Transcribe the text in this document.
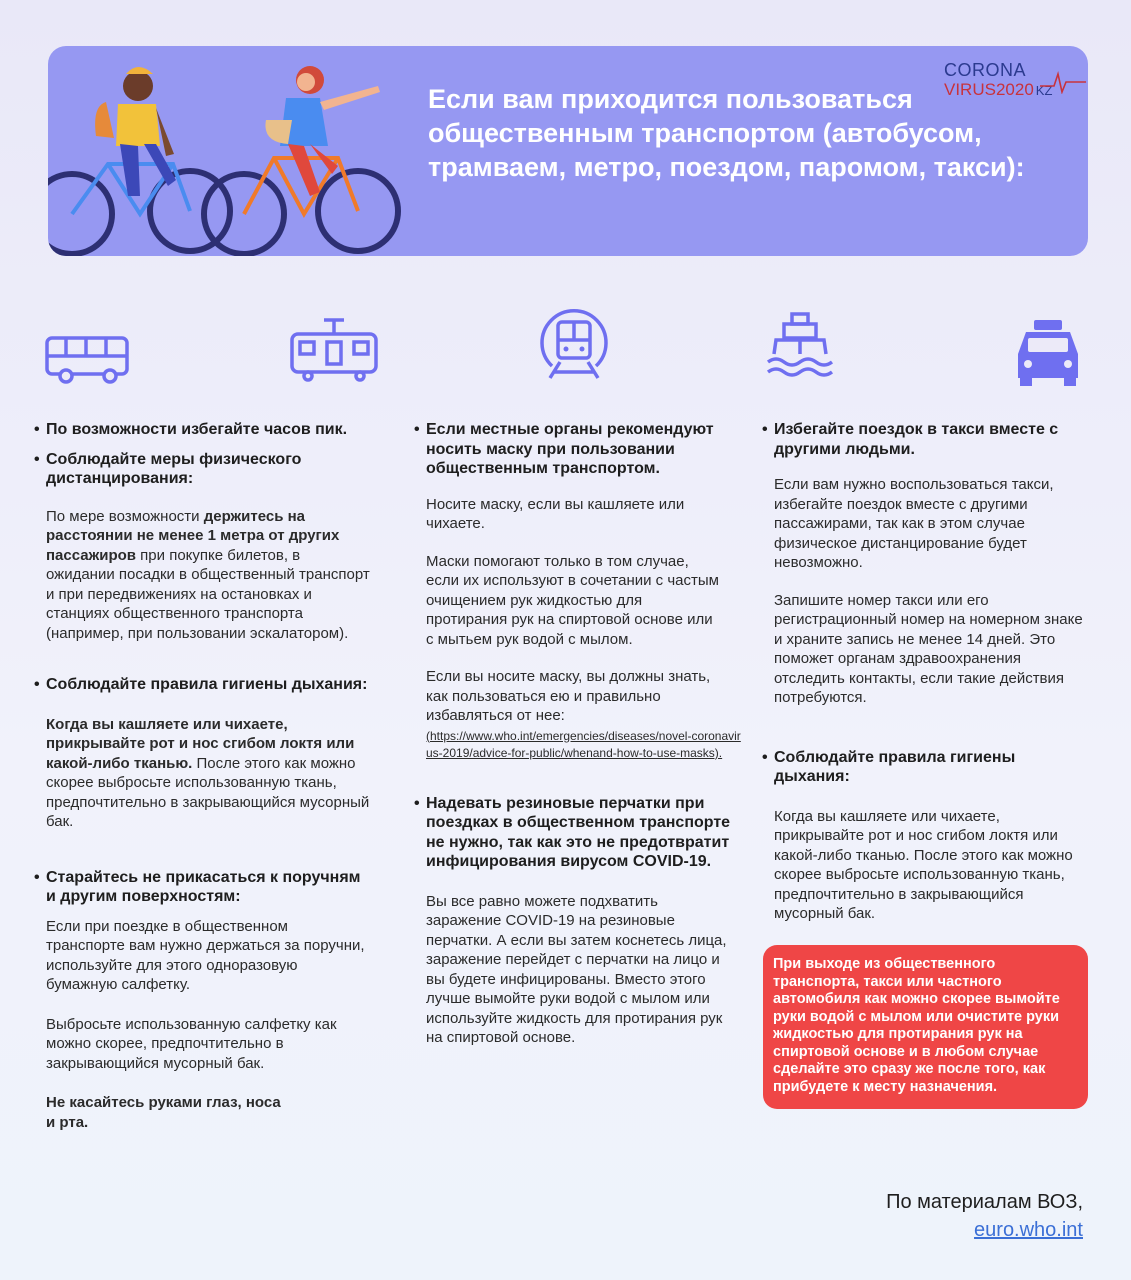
Если вам приходится пользоваться общественным транспортом (автобусом, трамваем, метро, поездом, паромом, такси):
CORONA
VIRUS2020 KZ
• По возможности избегайте часов пик.
• Соблюдайте меры физического дистанцирования:
По мере возможности держитесь на расстоянии не менее 1 метра от других пассажиров при покупке билетов, в ожидании посадки в общественный транспорт и при передвижениях на остановках и станциях общественного транспорта (например, при пользовании эскалатором).
• Соблюдайте правила гигиены дыхания:
Когда вы кашляете или чихаете, прикрывайте рот и нос сгибом локтя или какой-либо тканью. После этого как можно скорее выбросьте использованную ткань, предпочтительно в закрывающийся мусорный бак.
• Старайтесь не прикасаться к поручням и другим поверхностям:
Если при поездке в общественном транспорте вам нужно держаться за поручни, используйте для этого одноразовую бумажную салфетку.
Выбросьте использованную салфетку как можно скорее, предпочтительно в закрывающийся мусорный бак.
Не касайтесь руками глаз, носа и рта.
• Если местные органы рекомендуют носить маску при пользовании общественным транспортом.
Носите маску, если вы кашляете или чихаете.
Маски помогают только в том случае, если их используют в сочетании с частым очищением рук жидкостью для протирания рук на спиртовой основе или с мытьем рук водой с мылом.
Если вы носите маску, вы должны знать, как пользоваться ею и правильно избавляться от нее:
(https://www.who.int/emergencies/diseases/novel-coronavirus-2019/advice-for-public/whenand-how-to-use-masks).
• Надевать резиновые перчатки при поездках в общественном транспорте не нужно, так как это не предотвратит инфицирования вирусом COVID-19.
Вы все равно можете подхватить заражение COVID-19 на резиновые перчатки. А если вы затем коснетесь лица, заражение перейдет с перчатки на лицо и вы будете инфицированы. Вместо этого лучше вымойте руки водой с мылом или используйте жидкость для протирания рук на спиртовой основе.
• Избегайте поездок в такси вместе с другими людьми.
Если вам нужно воспользоваться такси, избегайте поездок вместе с другими пассажирами, так как в этом случае физическое дистанцирование будет невозможно.
Запишите номер такси или его регистрационный номер на номерном знаке и храните запись не менее 14 дней. Это поможет органам здравоохранения отследить контакты, если такие действия потребуются.
• Соблюдайте правила гигиены дыхания:
Когда вы кашляете или чихаете, прикрывайте рот и нос сгибом локтя или какой-либо тканью. После этого как можно скорее выбросьте использованную ткань, предпочтительно в закрывающийся мусорный бак.
При выходе из общественного транспорта, такси или частного автомобиля как можно скорее вымойте руки водой с мылом или очистите руки жидкостью для протирания рук на спиртовой основе и в любом случае сделайте это сразу же после того, как прибудете к месту назначения.
По материалам ВОЗ,
euro.who.int
